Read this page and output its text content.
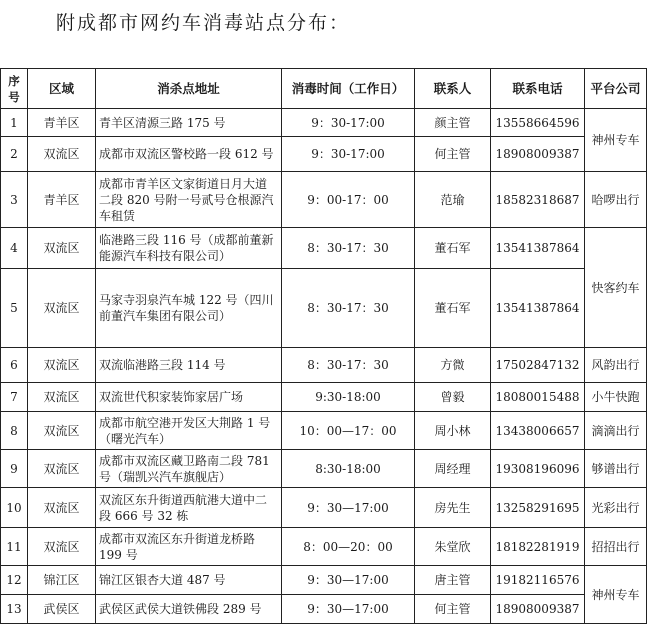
附成都市网约车消毒站点分布：
序号	区域	消杀点地址	消毒时间（工作日）	联系人	联系电话	平台公司
1	青羊区	青羊区清源三路 175 号	9：30-17:00	颜主管	13558664596	神州专车
2	双流区	成都市双流区警校路一段 612 号	9：30-17:00	何主管	18908009387	
3	青羊区	成都市青羊区文家街道日月大道二段 820 号附一号贰号仓根源汽车租赁	9：00-17：00	范瑜	18582318687	哈啰出行
4	双流区	临港路三段 116 号（成都前董新能源汽车科技有限公司）	8：30-17：30	董石军	13541387864	快客约车
5	双流区	马家寺羽泉汽车城 122 号（四川前董汽车集团有限公司）	8：30-17：30	董石军	13541387864	
6	双流区	双流临港路三段 114 号	8：30-17：30	方微	17502847132	风韵出行
7	双流区	双流世代积家装饰家居广场	9:30-18:00	曾毅	18080015488	小牛快跑
8	双流区	成都市航空港开发区大荆路 1 号（曙光汽车）	10：00—17：00	周小林	13438006657	滴滴出行
9	双流区	成都市双流区藏卫路南二段 781 号（瑞凯兴汽车旗舰店）	8:30-18:00	周经理	19308196096	够谱出行
10	双流区	双流区东升街道西航港大道中二段 666 号 32 栋	9：30—17:00	房先生	13258291695	光彩出行
11	双流区	成都市双流区东升街道龙桥路 199 号	8：00—20：00	朱堂欣	18182281919	招招出行
12	锦江区	锦江区银杏大道 487 号	9：30—17:00	唐主管	19182116576	神州专车
13	武侯区	武侯区武侯大道铁佛段 289 号	9：30—17:00	何主管	18908009387	
